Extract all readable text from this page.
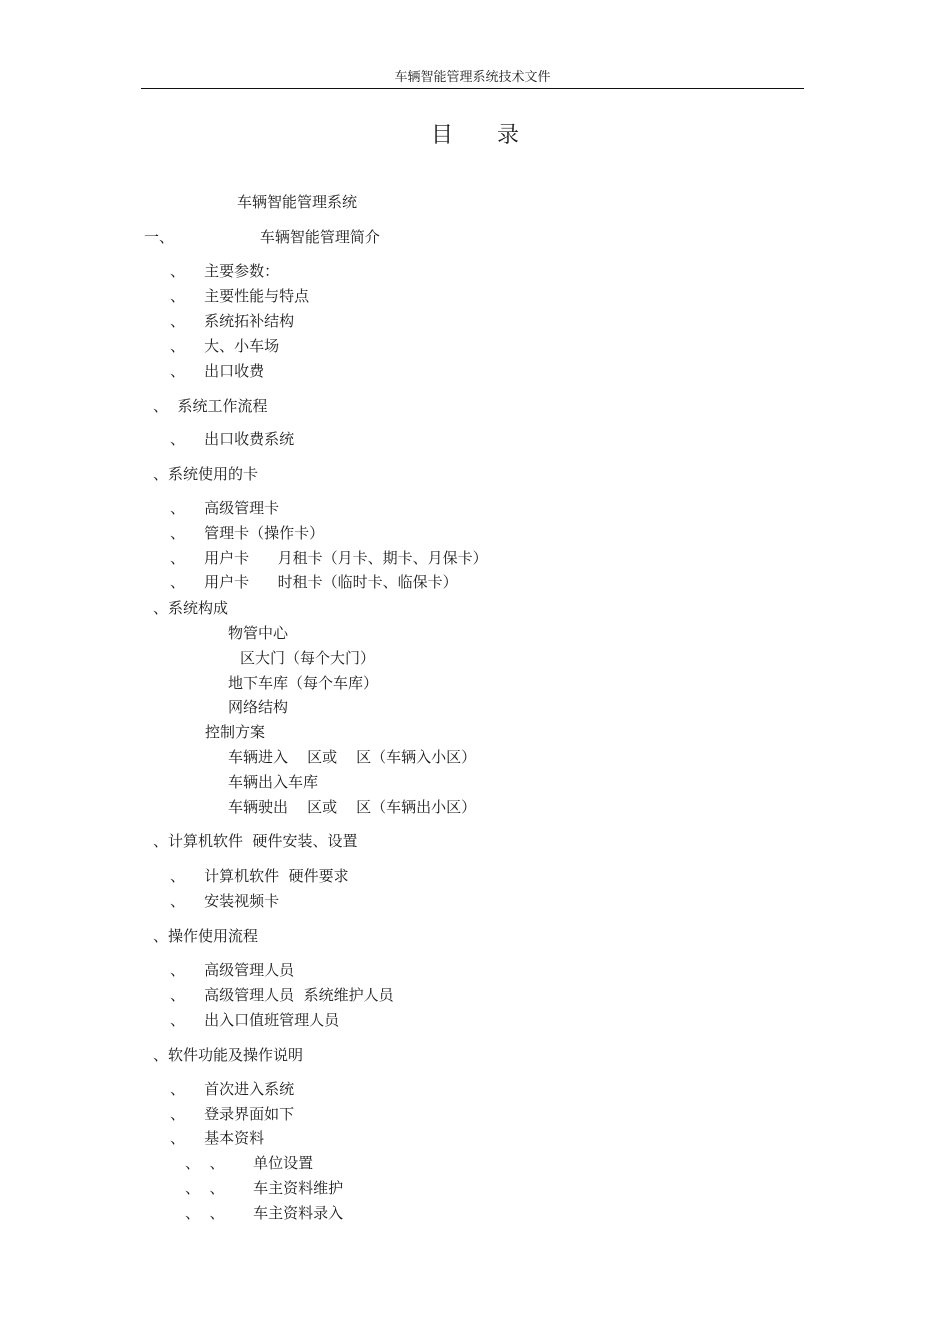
车辆智能管理系统技术文件
目 录
车辆智能管理系统
一、                  车辆智能管理简介
、    主要参数：
、    主要性能与特点
、    系统拓补结构
、    大、小车场
、    出口收费
、  系统工作流程
、    出口收费系统
、系统使用的卡
、    高级管理卡
、    管理卡（操作卡）
、    用户卡      月租卡（月卡、期卡、月保卡）
、    用户卡      时租卡（临时卡、临保卡）
、系统构成
物管中心
区大门（每个大门）
地下车库（每个车库）
网络结构
控制方案
车辆进入    区或    区（车辆入小区）
车辆出入车库
车辆驶出    区或    区（车辆出小区）
、计算机软件  硬件安装、设置
、    计算机软件  硬件要求
、    安装视频卡
、操作使用流程
、    高级管理人员
、    高级管理人员  系统维护人员
、    出入口值班管理人员
、软件功能及操作说明
、    首次进入系统
、    登录界面如下
、    基本资料
、  、      单位设置
、  、      车主资料维护
、  、      车主资料录入
